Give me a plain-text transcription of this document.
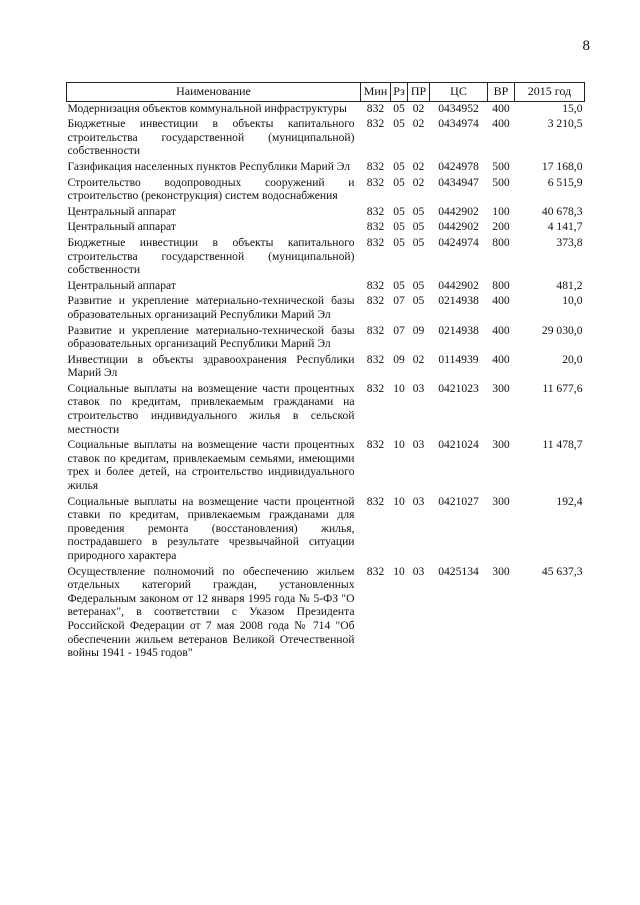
8
Наименование	Мин	Рз	ПР	ЦС	ВР	2015 год
Модернизация объектов коммунальной инфраструктуры	832	05	02	0434952	400	15,0
Бюджетные инвестиции в объекты капитального строительства государственной (муниципальной) собственности	832	05	02	0434974	400	3 210,5
Газификация населенных пунктов Республики Марий Эл	832	05	02	0424978	500	17 168,0
Строительство водопроводных сооружений и строительство (реконструкция) систем водоснабжения	832	05	02	0434947	500	6 515,9
Центральный аппарат	832	05	05	0442902	100	40 678,3
Центральный аппарат	832	05	05	0442902	200	4 141,7
Бюджетные инвестиции в объекты капитального строительства государственной (муниципальной) собственности	832	05	05	0424974	800	373,8
Центральный аппарат	832	05	05	0442902	800	481,2
Развитие и укрепление материально-технической базы образовательных организаций Республики Марий Эл	832	07	05	0214938	400	10,0
Развитие и укрепление материально-технической базы образовательных организаций Республики Марий Эл	832	07	09	0214938	400	29 030,0
Инвестиции в объекты здравоохранения Республики Марий Эл	832	09	02	0114939	400	20,0
Социальные выплаты на возмещение части процентных ставок по кредитам, привлекаемым гражданами на строительство индивидуального жилья в сельской местности	832	10	03	0421023	300	11 677,6
Социальные выплаты на возмещение части процентных ставок по кредитам, привлекаемым семьями, имеющими трех и более детей, на строительство индивидуального жилья	832	10	03	0421024	300	11 478,7
Социальные выплаты на возмещение части процентной ставки по кредитам, привлекаемым гражданами для проведения ремонта (восстановления) жилья, пострадавшего в результате чрезвычайной ситуации природного характера	832	10	03	0421027	300	192,4
Осуществление полномочий по обеспечению жильем отдельных категорий граждан, установленных Федеральным законом от 12 января 1995 года № 5-ФЗ "О ветеранах", в соответствии с Указом Президента Российской Федерации от 7 мая 2008 года № 714 "Об обеспечении жильем ветеранов Великой Отечественной войны 1941 - 1945 годов"	832	10	03	0425134	300	45 637,3
